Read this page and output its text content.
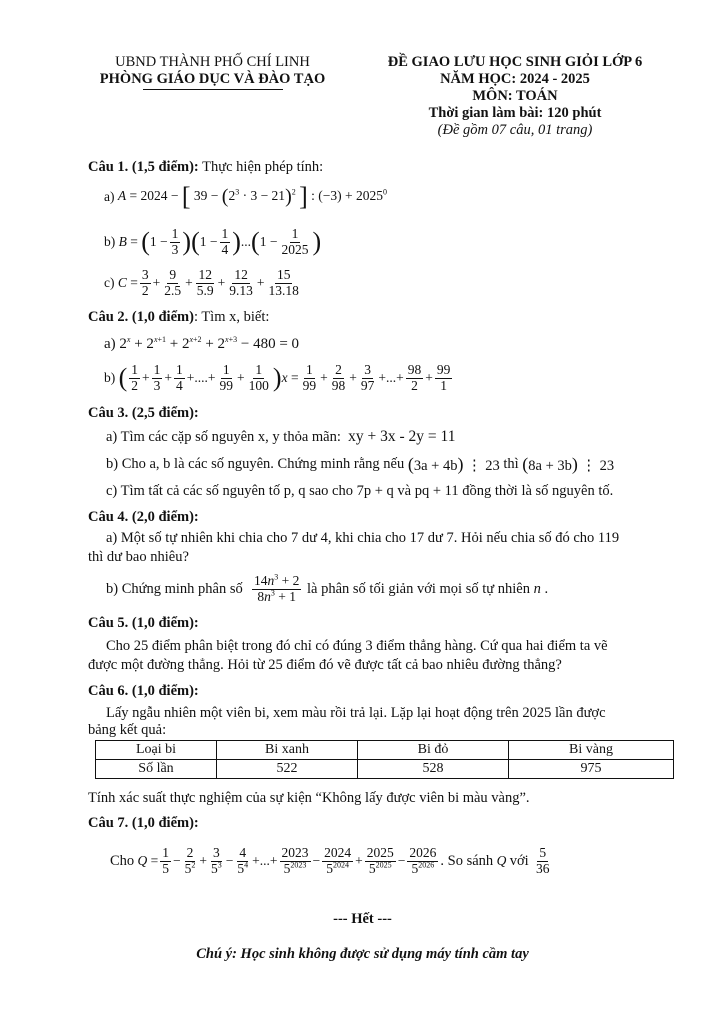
UBND THÀNH PHỐ CHÍ LINH
PHÒNG GIÁO DỤC VÀ ĐÀO TẠO
ĐỀ GIAO LƯU HỌC SINH GIỎI LỚP 6
NĂM HỌC: 2024 - 2025
MÔN: TOÁN
Thời gian làm bài: 120 phút
(Đề gồm 07 câu, 01 trang)
Câu 1. (1,5 điểm): Thực hiện phép tính:
a)
A = 2024 − [ $39 - (2^3 \cdot 3 - 21)^2$ ] : $(-3) + 2025^0$
b)
B = ( $1 - \frac{1}{3}$ )( $1 - \frac{1}{4}$ ) ... ( $1 - \frac{1}{2025}$ )
c)
$C = \frac{3}{2} + \frac{9}{2.5} + \frac{12}{5.9} + \frac{12}{9.13} + \frac{15}{13.18}$
Câu 2. (1,0 điểm): Tìm x, biết:
a)
$2^x + 2^{x+1} + 2^{x+2} + 2^{x+3} - 480 = 0$
b)
( $\frac{1}{2} + \frac{1}{3} + \frac{1}{4}$ +....+ $\frac{1}{99} + \frac{1}{100}$ ) $x = \frac{1}{99} + \frac{2}{98} + \frac{3}{97}$ +...+ $\frac{98}{2} + \frac{99}{1}$
Câu 3. (2,5 điểm):
a) Tìm các cặp số nguyên x, y thỏa mãn:
xy + 3x - 2y = 11
b) Cho a, b là các số nguyên. Chứng minh rằng nếu
(3a + 4b) ⋮ 23
thì
(8a + 3b) ⋮ 23
c) Tìm tất cả các số nguyên tố p, q sao cho 7p + q và pq + 11 đồng thời là số nguyên tố.
Câu 4. (2,0 điểm):
a) Một số tự nhiên khi chia cho 7 dư 4, khi chia cho 17 dư 7. Hỏi nếu chia số đó cho 119
thì dư bao nhiêu?
b) Chứng minh phân số
$\frac{14n^3 + 2}{8n^3 + 1}$
là phân số tối giản với mọi số tự nhiên
n
.
Câu 5. (1,0 điểm):
Cho 25 điểm phân biệt trong đó chỉ có đúng 3 điểm thẳng hàng. Cứ qua hai điểm ta vẽ
được một đường thẳng. Hỏi từ 25 điểm đó vẽ được tất cả bao nhiêu đường thẳng?
Câu 6. (1,0 điểm):
Lấy ngẫu nhiên một viên bi, xem màu rồi trả lại. Lặp lại hoạt động trên 2025 lần được
bảng kết quả:
Loại bi	Bi xanh	Bi đỏ	Bi vàng
Số lần	522	528	975
Tính xác suất thực nghiệm của sự kiện “Không lấy được viên bi màu vàng”.
Câu 7. (1,0 điểm):
Cho
$Q = \frac{1}{5} - \frac{2}{5^2} + \frac{3}{5^3} - \frac{4}{5^4}$ +...+ $\frac{2023}{5^{2023}} - \frac{2024}{5^{2024}} + \frac{2025}{5^{2025}} - \frac{2026}{5^{2026}}$ . So sánh
Q
với
$\frac{5}{36}$
--- Hết ---
Chú ý: Học sinh không được sử dụng máy tính cầm tay
